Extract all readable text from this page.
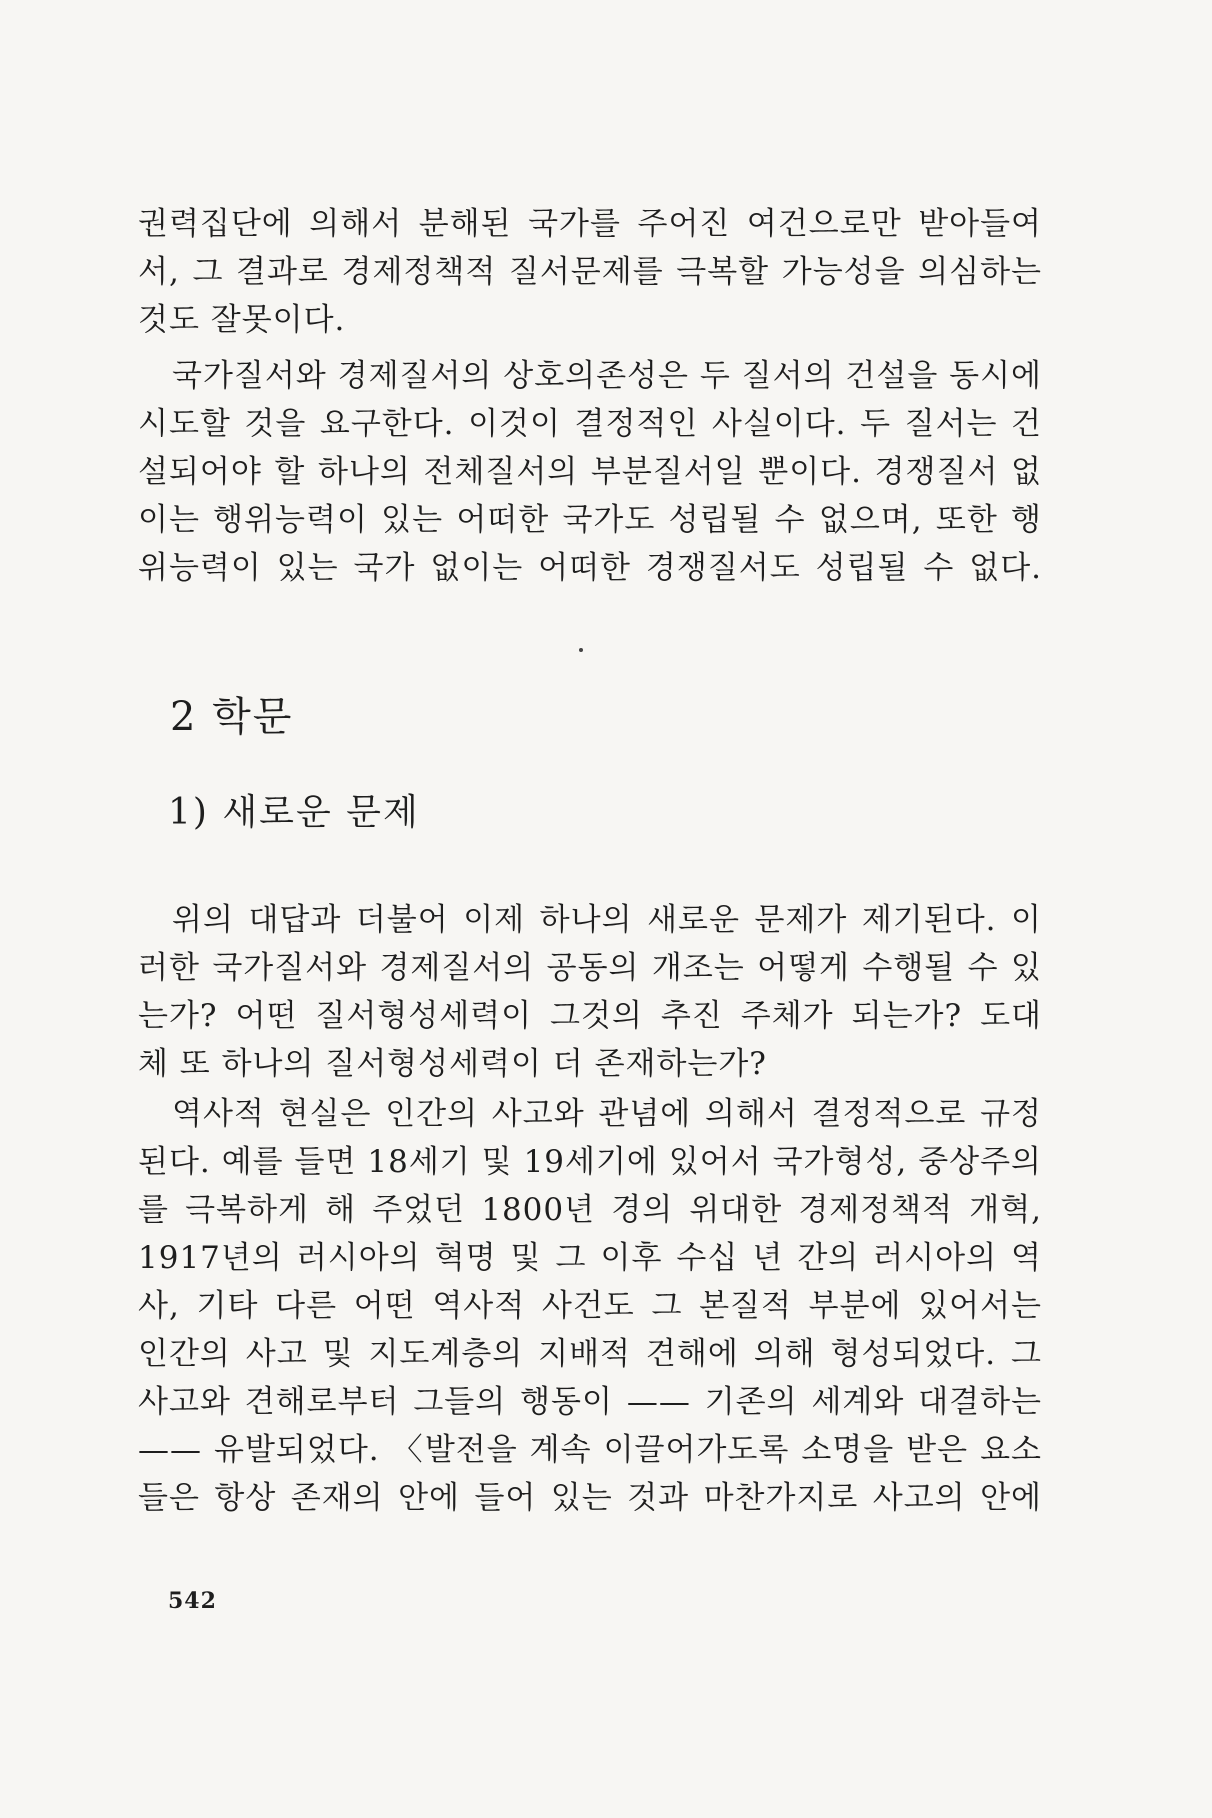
권력집단에 의해서 분해된 국가를 주어진 여건으로만 받아들여
서, 그 결과로 경제정책적 질서문제를 극복할 가능성을 의심하는
것도 잘못이다.
국가질서와 경제질서의 상호의존성은 두 질서의 건설을 동시에
시도할 것을 요구한다. 이것이 결정적인 사실이다. 두 질서는 건
설되어야 할 하나의 전체질서의 부분질서일 뿐이다. 경쟁질서 없
이는 행위능력이 있는 어떠한 국가도 성립될 수 없으며, 또한 행
위능력이 있는 국가 없이는 어떠한 경쟁질서도 성립될 수 없다.
2 학문
1) 새로운 문제
위의 대답과 더불어 이제 하나의 새로운 문제가 제기된다. 이
러한 국가질서와 경제질서의 공동의 개조는 어떻게 수행될 수 있
는가? 어떤 질서형성세력이 그것의 추진 주체가 되는가? 도대
체 또 하나의 질서형성세력이 더 존재하는가?
역사적 현실은 인간의 사고와 관념에 의해서 결정적으로 규정
된다. 예를 들면 18세기 및 19세기에 있어서 국가형성, 중상주의
를 극복하게 해 주었던 1800년 경의 위대한 경제정책적 개혁,
1917년의 러시아의 혁명 및 그 이후 수십 년 간의 러시아의 역
사, 기타 다른 어떤 역사적 사건도 그 본질적 부분에 있어서는
인간의 사고 및 지도계층의 지배적 견해에 의해 형성되었다. 그
사고와 견해로부터 그들의 행동이 —— 기존의 세계와 대결하는
—— 유발되었다. 〈발전을 계속 이끌어가도록 소명을 받은 요소
들은 항상 존재의 안에 들어 있는 것과 마찬가지로 사고의 안에
542
